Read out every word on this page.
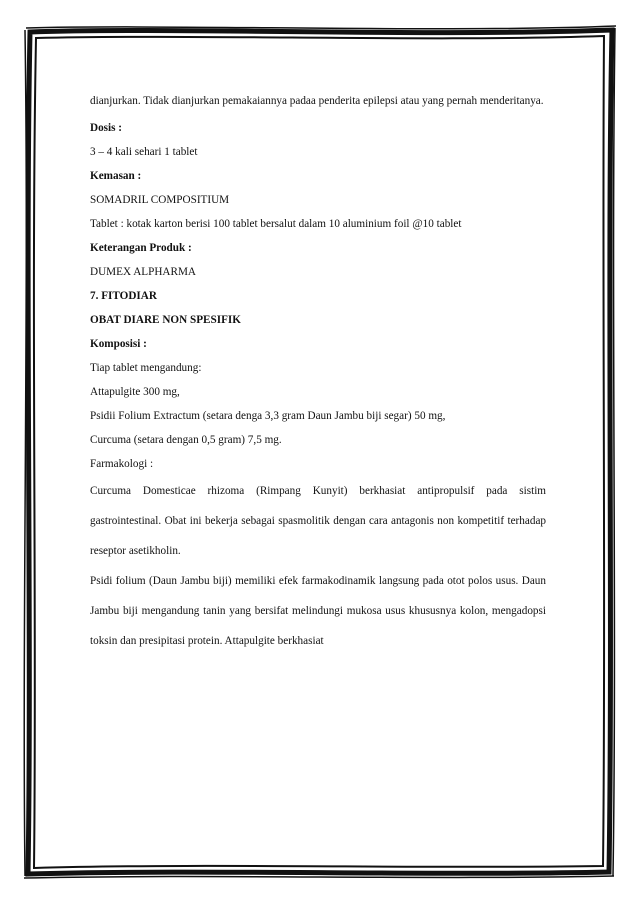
dianjurkan. Tidak dianjurkan pemakaiannya padaa penderita epilepsi atau yang pernah menderitanya.

Dosis :

3 – 4 kali sehari 1 tablet

Kemasan :

SOMADRIL COMPOSITIUM

Tablet : kotak karton berisi 100 tablet bersalut dalam 10 aluminium foil @10 tablet

Keterangan Produk :

DUMEX ALPHARMA

7. FITODIAR

OBAT DIARE NON SPESIFIK

Komposisi :

Tiap tablet mengandung:

Attapulgite 300 mg,

Psidii Folium Extractum (setara denga 3,3 gram Daun Jambu biji segar) 50 mg,

Curcuma (setara dengan 0,5 gram) 7,5 mg.

Farmakologi :

Curcuma Domesticae rhizoma (Rimpang Kunyit) berkhasiat antipropulsif pada sistim gastrointestinal. Obat ini bekerja sebagai spasmolitik dengan cara antagonis non kompetitif terhadap reseptor asetikholin.

Psidi folium (Daun Jambu biji) memiliki efek farmakodinamik langsung pada otot polos usus. Daun Jambu biji mengandung tanin yang bersifat melindungi mukosa usus khususnya kolon, mengadopsi toksin dan presipitasi protein. Attapulgite berkhasiat
